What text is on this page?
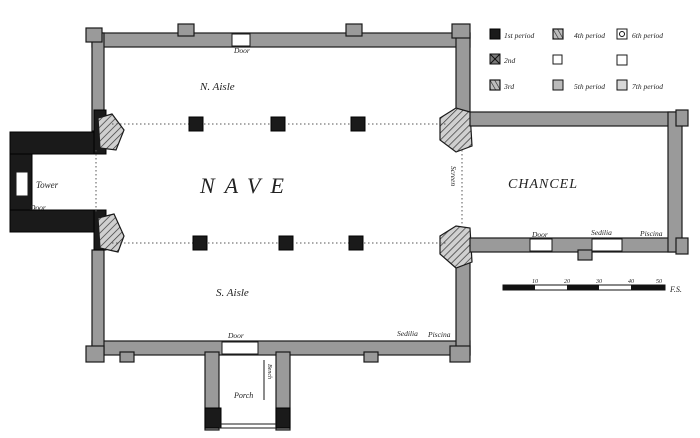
NAVE	CHANCEL
N. Aisle
S. Aisle
Tower
Porch
Door
Door
Door
Door
Sedilia	Piscina
Sedilia Piscina
Screen
Bench
1st period
2nd
3rd
4th period
5th period
6th period
7th period
10	20	30	40	50
F.S.
